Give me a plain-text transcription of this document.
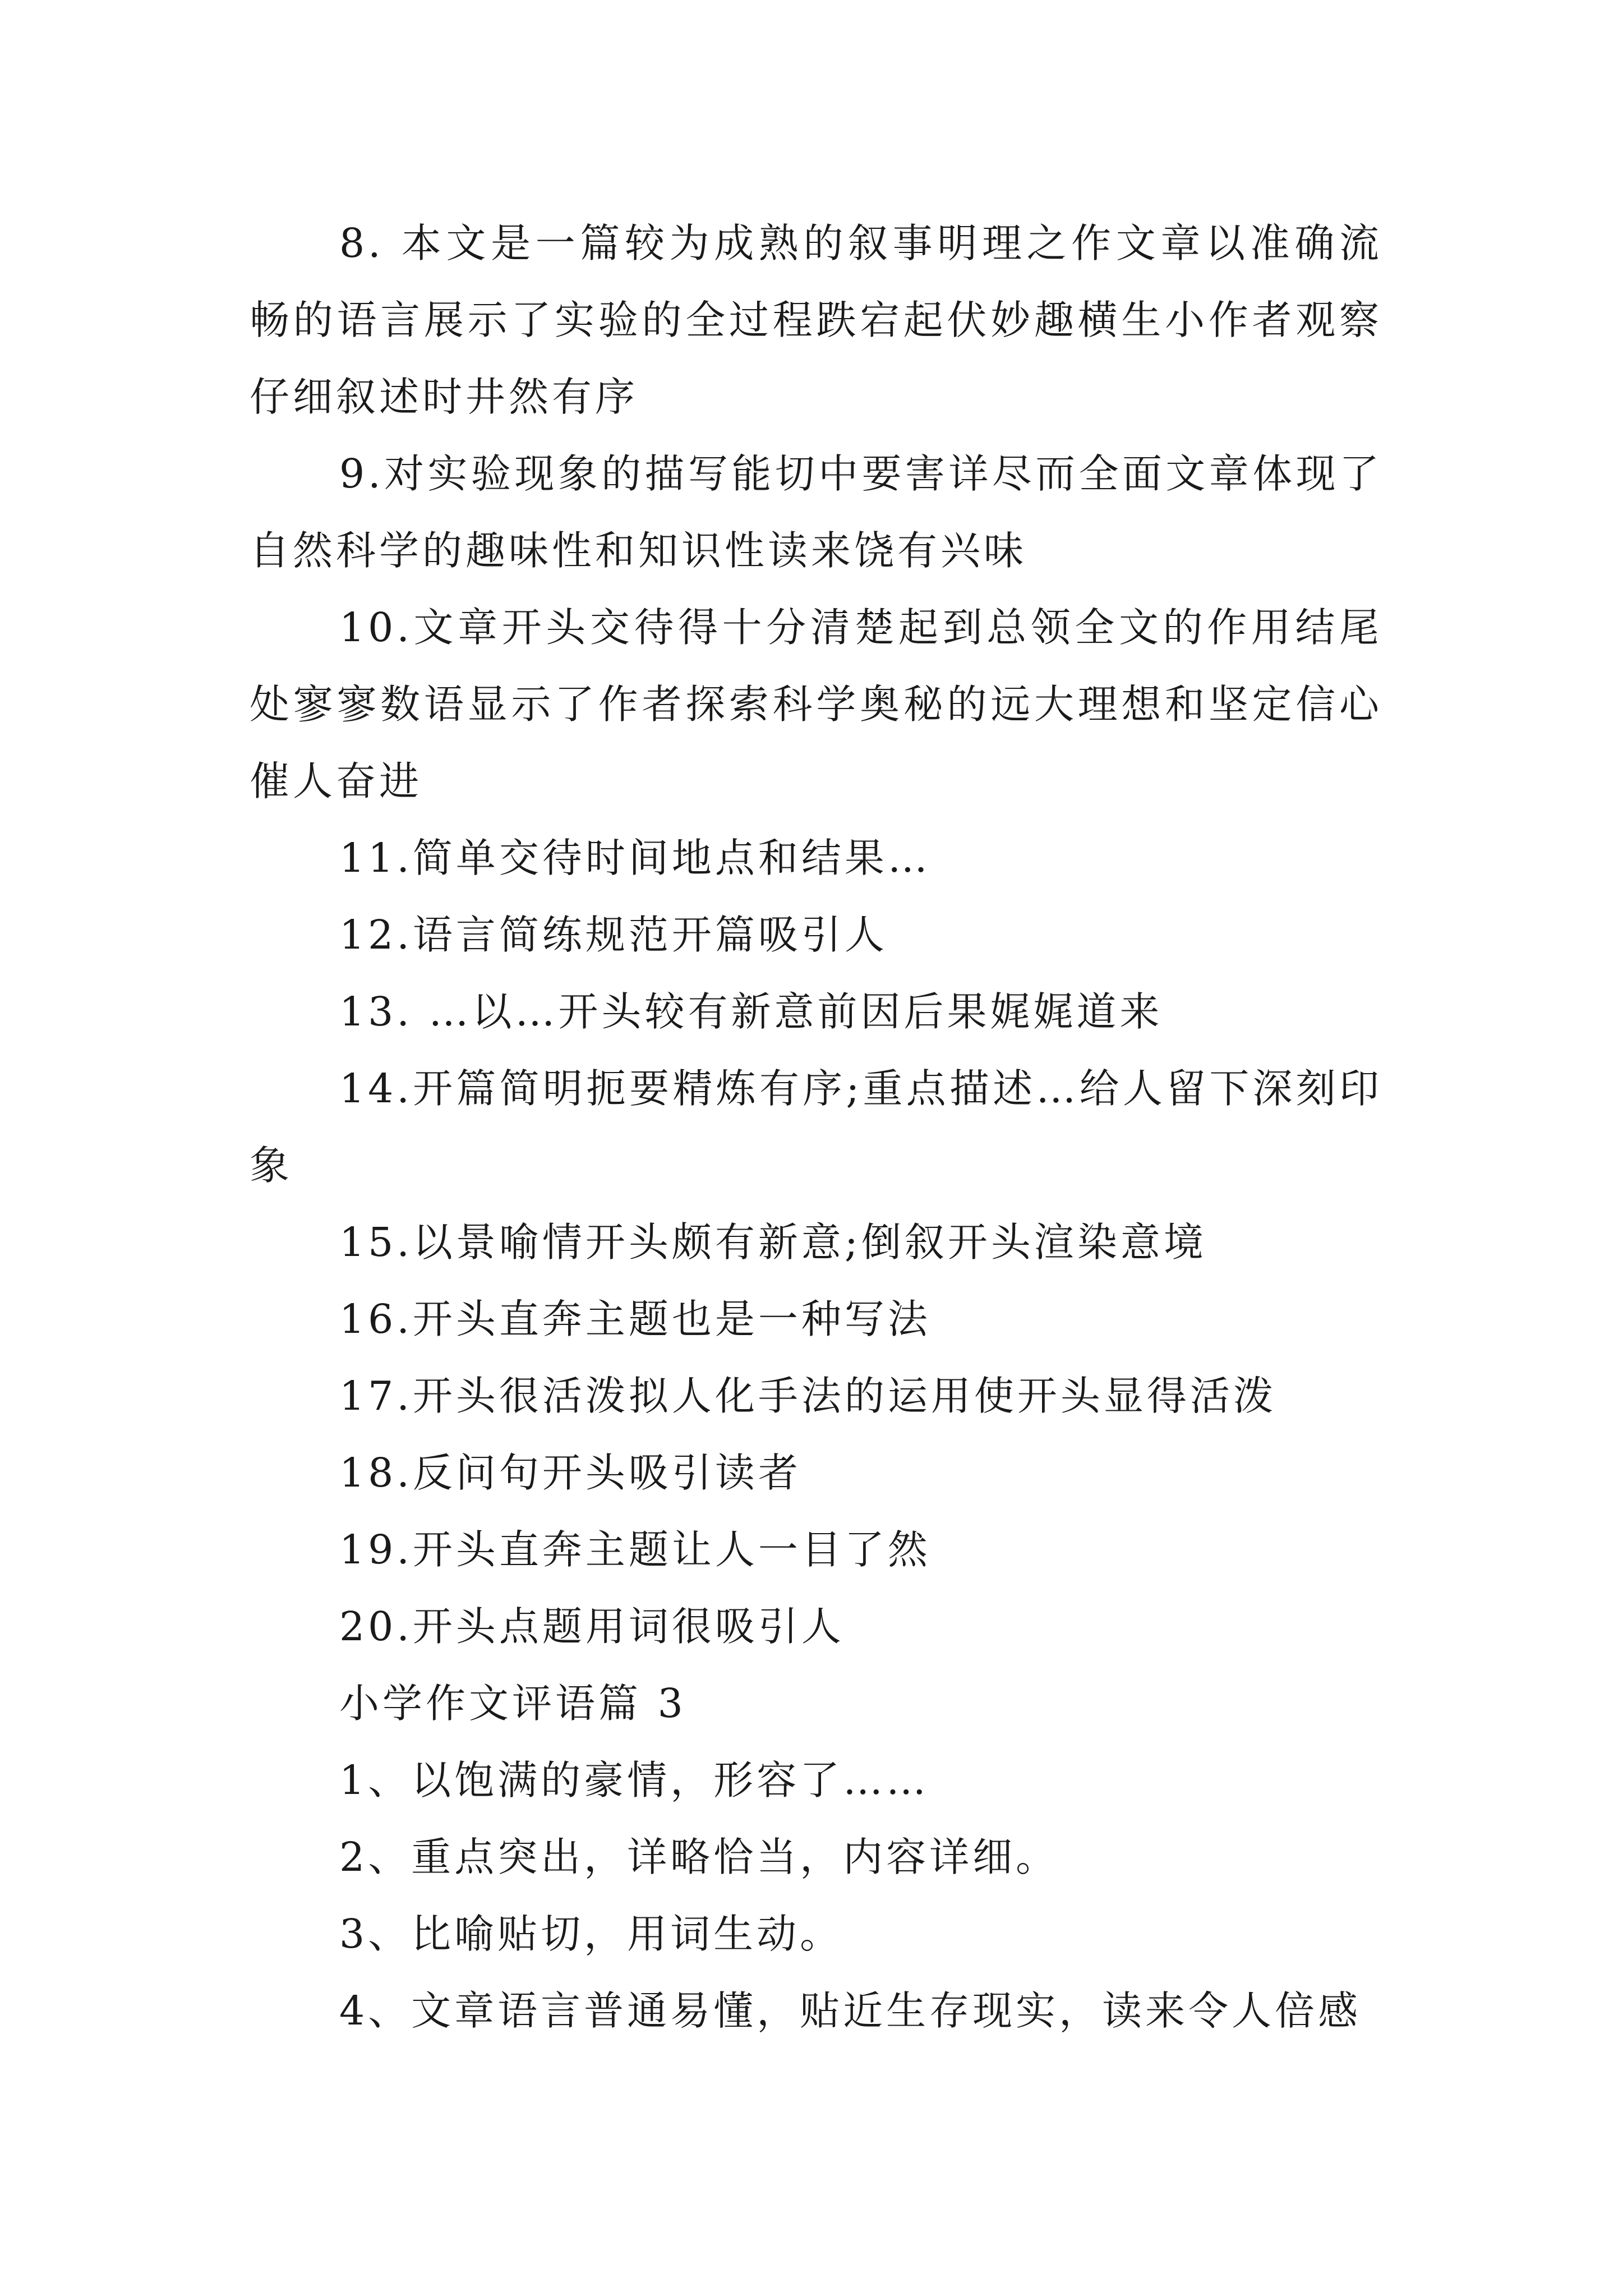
8. 本文是一篇较为成熟的叙事明理之作文章以准确流畅的语言展示了实验的全过程跌宕起伏妙趣横生小作者观察仔细叙述时井然有序

9.对实验现象的描写能切中要害详尽而全面文章体现了自然科学的趣味性和知识性读来饶有兴味

10.文章开头交待得十分清楚起到总领全文的作用结尾处寥寥数语显示了作者探索科学奥秘的远大理想和坚定信心催人奋进

11.简单交待时间地点和结果…

12.语言简练规范开篇吸引人

13. …以…开头较有新意前因后果娓娓道来

14.开篇简明扼要精炼有序;重点描述…给人留下深刻印象

15.以景喻情开头颇有新意;倒叙开头渲染意境

16.开头直奔主题也是一种写法

17.开头很活泼拟人化手法的运用使开头显得活泼

18.反问句开头吸引读者

19.开头直奔主题让人一目了然

20.开头点题用词很吸引人

小学作文评语篇 3

1、以饱满的豪情，形容了……

2、重点突出，详略恰当，内容详细。

3、比喻贴切，用词生动。

4、文章语言普通易懂，贴近生存现实，读来令人倍感
